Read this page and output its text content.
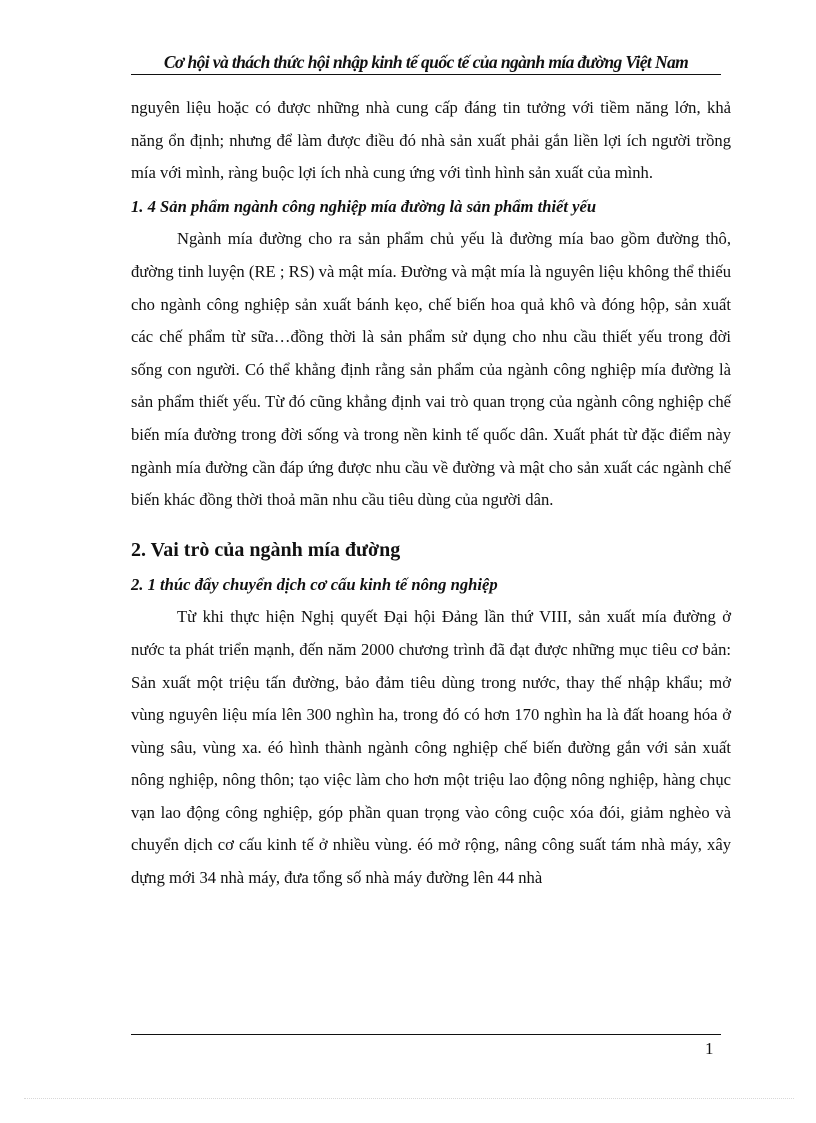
Cơ hội và thách thức hội nhập kinh tế quốc tế của ngành mía đường Việt Nam

nguyên liệu hoặc có được những nhà cung cấp đáng tin tưởng với tiềm năng lớn, khả năng ổn định; nhưng để làm được điều đó nhà sản xuất phải gắn liền lợi ích người trồng mía với mình, ràng buộc lợi ích nhà cung ứng với tình hình sản xuất của mình.

1. 4 Sản phẩm ngành công nghiệp mía đường là sản phẩm thiết yếu

Ngành mía đường cho ra sản phẩm chủ yếu là đường mía bao gồm đường thô, đường tinh luyện (RE ; RS) và mật mía. Đường và mật mía là nguyên liệu không thể thiếu cho ngành công nghiệp sản xuất bánh kẹo, chế biến hoa quả khô và đóng hộp, sản xuất các chế phẩm từ sữa…đồng thời là sản phẩm sử dụng cho nhu cầu thiết yếu trong đời sống con người. Có thể khẳng định rằng sản phẩm của ngành công nghiệp mía đường là sản phẩm thiết yếu. Từ đó cũng khẳng định vai trò quan trọng của ngành công nghiệp chế biến mía đường trong đời sống và trong nền kinh tế quốc dân. Xuất phát từ đặc điểm này ngành mía đường cần đáp ứng được nhu cầu về đường và mật cho sản xuất các ngành chế biến khác đồng thời thoả mãn nhu cầu tiêu dùng của người dân.

2. Vai trò của ngành mía đường
2. 1 thúc đẩy chuyển dịch cơ cấu kinh tế nông nghiệp

Từ khi thực hiện Nghị quyết Đại hội Đảng lần thứ VIII, sản xuất mía đường ở nước ta phát triển mạnh, đến năm 2000 chương trình đã đạt được những mục tiêu cơ bản: Sản xuất một triệu tấn đường, bảo đảm tiêu dùng trong nước, thay thế nhập khẩu; mở vùng nguyên liệu mía lên 300 nghìn ha, trong đó có hơn 170 nghìn ha là đất hoang hóa ở vùng sâu, vùng xa. éó hình thành ngành công nghiệp chế biến đường gắn với sản xuất nông nghiệp, nông thôn; tạo việc làm cho hơn một triệu lao động nông nghiệp, hàng chục vạn lao động công nghiệp, góp phần quan trọng vào công cuộc xóa đói, giảm nghèo và chuyển dịch cơ cấu kinh tế ở nhiều vùng. éó mở rộng, nâng công suất tám nhà máy, xây dựng mới 34 nhà máy, đưa tổng số nhà máy đường lên 44 nhà

1
